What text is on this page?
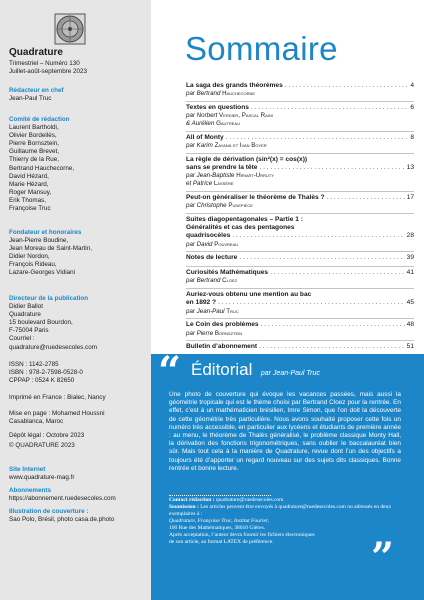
Quadrature
Trimestriel – Numéro 130
Juillet-août-septembre 2023
Rédacteur en chef
Jean-Paul Truc
Comité de rédaction
Laurent Bartholdi,
Olivier Bordellès,
Pierre Bornsztein,
Guillaume Brevet,
Thierry de la Rue,
Bertrand Hauchecorne,
David Hézard,
Marie Hézard,
Roger Mansuy,
Erik Thomas,
Françoise Truc
Fondateur et honoraires
Jean-Pierre Boudine,
Jean Moreau de Saint-Martin,
Didier Nordon,
François Rideau,
Lazare-Georges Vidiani
Directeur de la publication
Didier Ballot
Quadrature
15 boulevard Bourdon,
F-75004 Paris
Courriel :
quadrature@ruedesecoles.com
ISSN : 1142-2785
ISBN : 978-2-7598-0528-0
CPPAP : 0524 K 82650
Imprimé en France : Bialec, Nancy
Mise en page : Mohamed Houssni
Casablanca, Maroc
Dépôt légal : Octobre 2023
© QUADRATURE 2023
Site Internet
www.quadrature-mag.fr
Abonnements
https://abonnement.ruedesecoles.com
Illustration de couverture :
Sao Polo, Brésil, photo casa.de.photo
Sommaire
La saga des grands théorèmes . . .	4
par Bertrand Hauchecorne
Textes en questions . . .	6
par Norbert Verdier, Pascal Raini
& Aurélien Gautreau
All of Monty . . .	8
par Karim Zayana et Ivan Boyer
La règle de dérivation (sin²(x) = cos(x))
sans se prendre la tête . . .	13
par Jean-Baptiste Hiriart-Urruty
et Patrice Lassère
Peut-on généraliser le théorème de Thalès ? . . .	17
par Christophe Pudepiece
Suites diagopentagonales – Partie 1 :
Généralités et cas des pentagones
quadrisocèles . . .	28
par David Pouvreau
Notes de lecture . . .	39
Curiosités Mathématiques . . .	41
par Bertrand Cloez
Auriez-vous obtenu une mention au bac
en 1892 ? . . .	45
par Jean-Paul Truc
Le Coin des problèmes . . .	48
par Pierre Bornsztein
Bulletin d’abonnement . . .	51
“ Éditorial par Jean-Paul Truc
Une photo de couverture qui évoque les vacances passées, mais aussi la géométrie tropicale qui est le thème choisi par Bertrand Cloez pour la rentrée. En effet, c’est à un mathématicien brésilien, Imre Simon, que l’on doit la découverte de cette géométrie très particulière. Nous avons souhaité proposer cette fois un numéro très accessible, en particulier aux lycéens et étudiants de première année : au menu, le théorème de Thalès généralisé, le problème classique Monty Hall, la dérivation des fonctions trigonométriques, sans oublier le baccalauréat bien sûr. Mais tout cela à la manière de Quadrature, revue dont l’un des objectifs a toujours été d’apporter un regard nouveau sur des sujets dits classiques. Bonne rentrée et bonne lecture.
Contact rédaction : quadrature@ruedesecoles.com
Soumission : Les articles peuvent être envoyés à quadrature@ruedesecoles.com ou adressés en deux exemplaires à :
Quadrature, Françoise Truc, Institut Fourier,
100 Rue des Mathématiques, 38610 Gières.
Après acceptation, l’auteur devra fournir les fichiers électroniques
de son article, au format LATEX de préférence.	”
